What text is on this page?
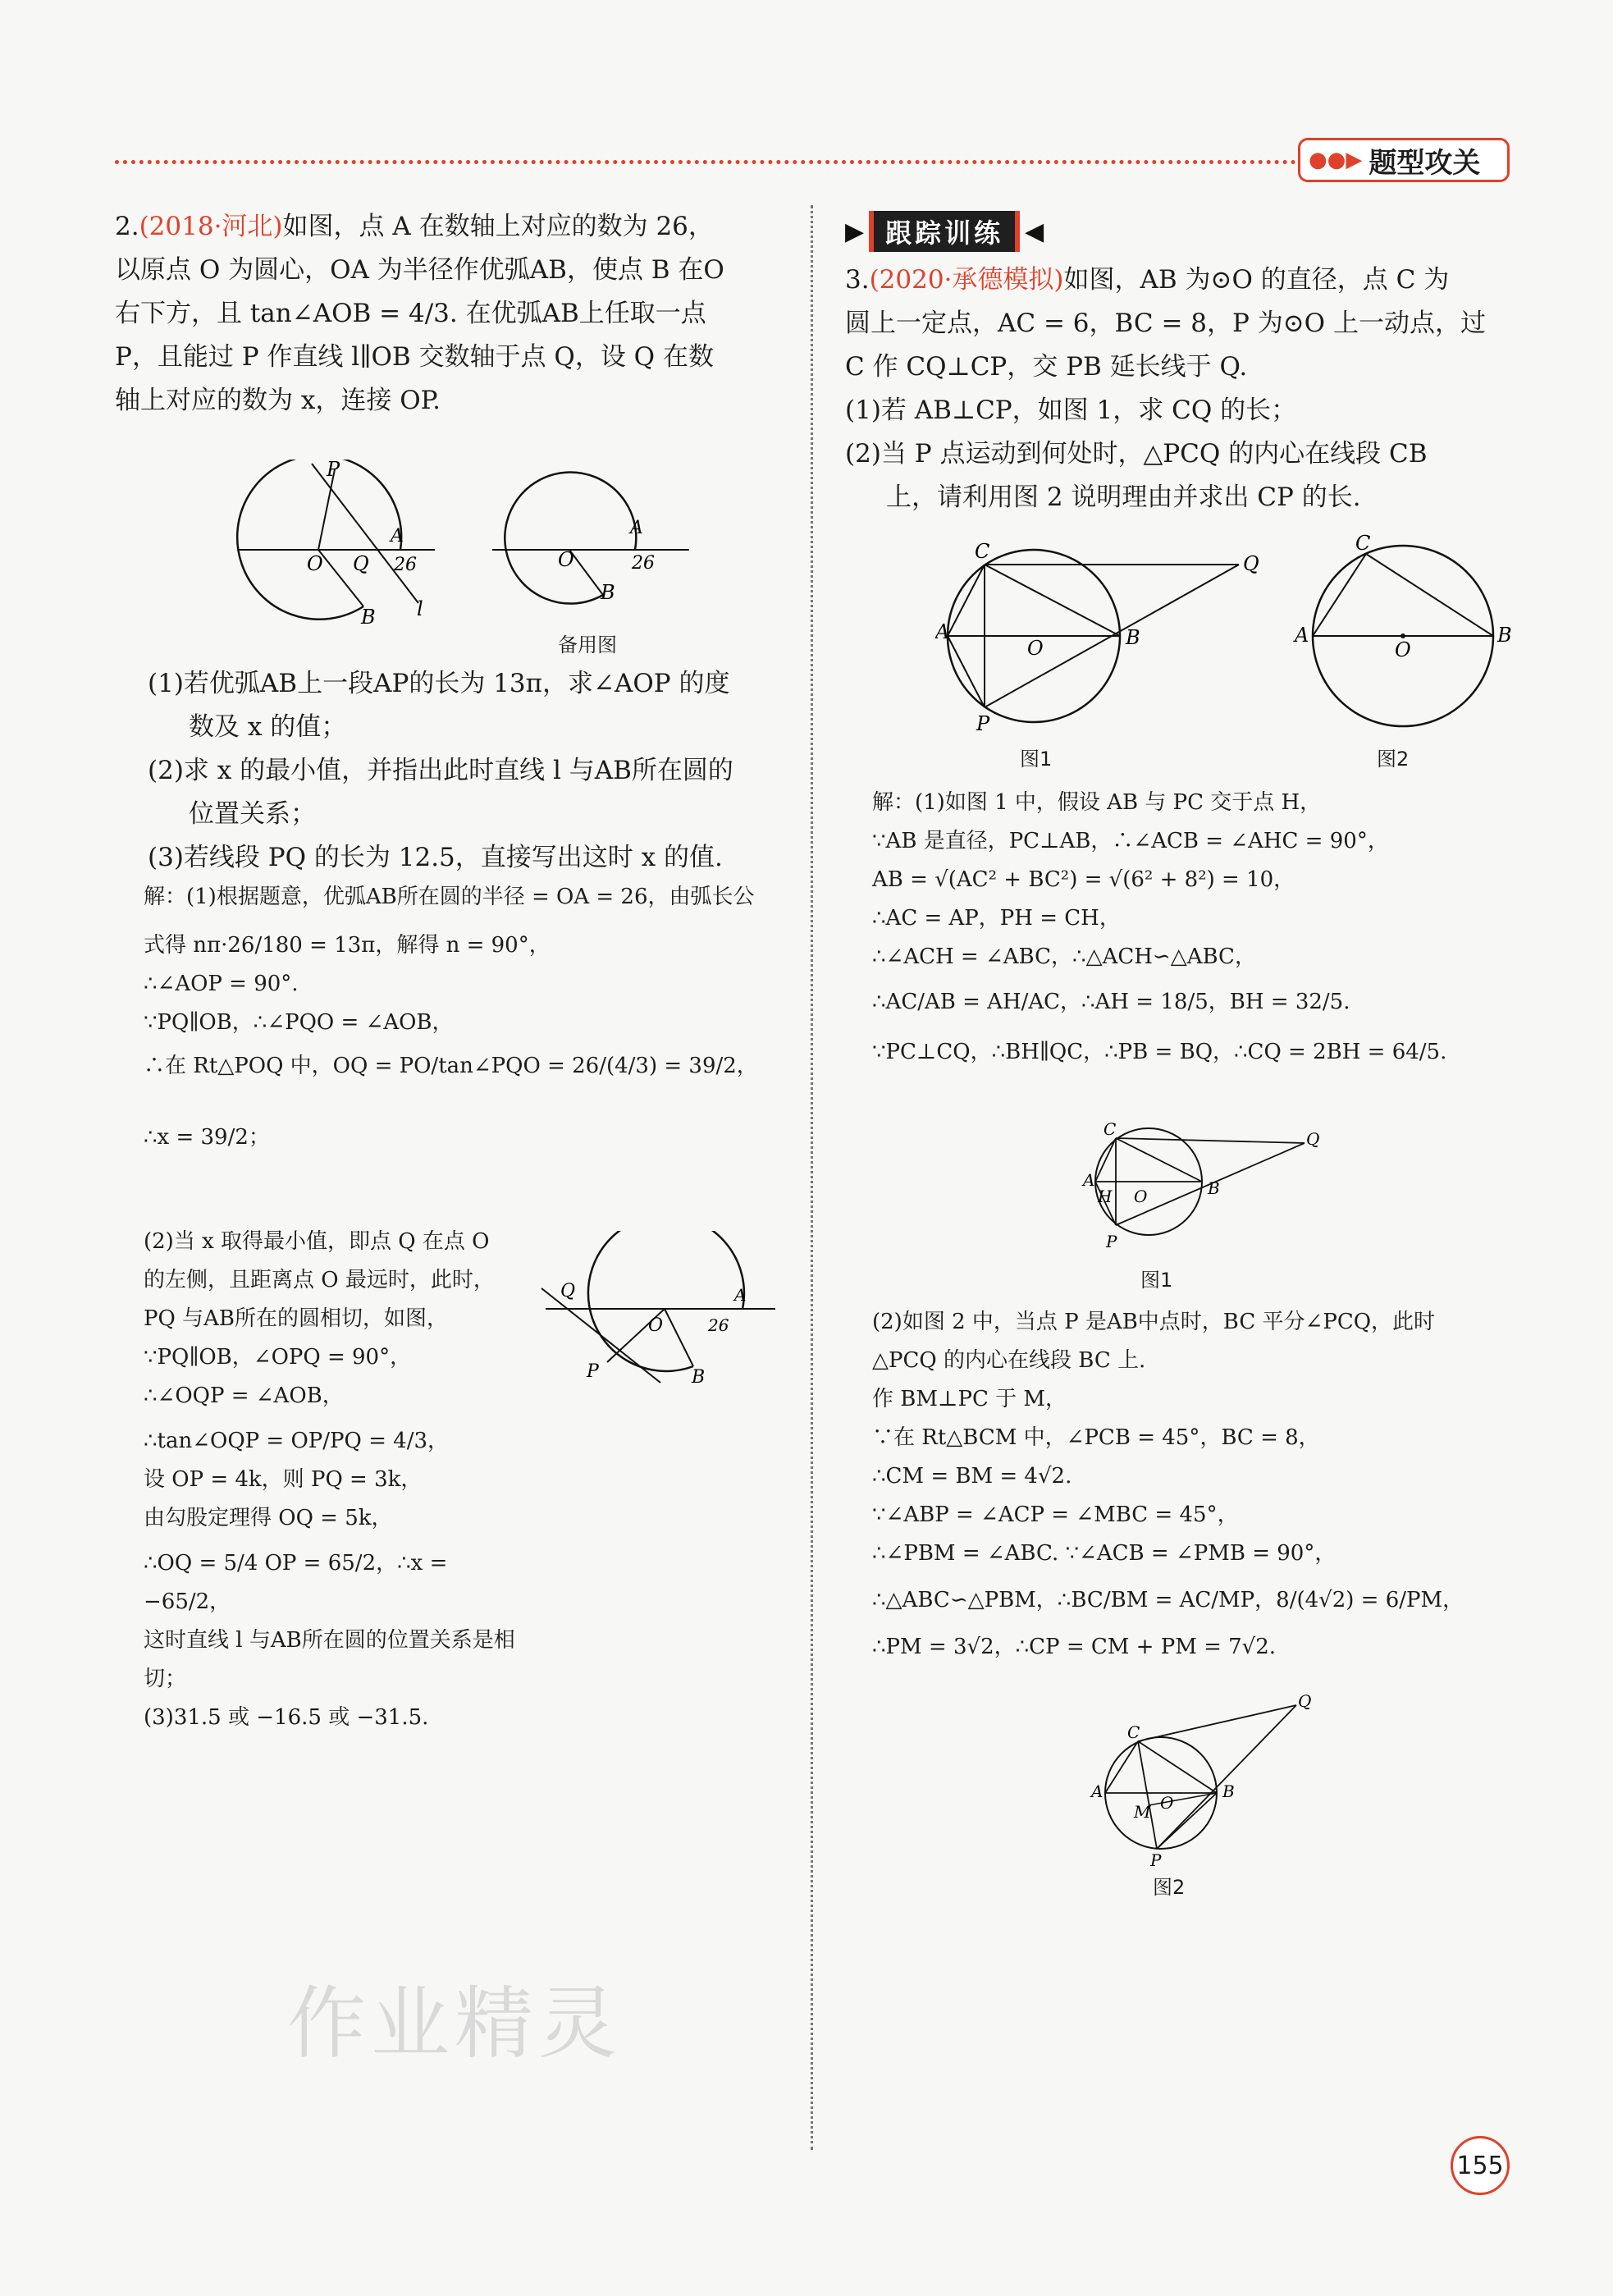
●●▶ 题型攻关
2.(2018·河北)如图，点 A 在数轴上对应的数为 26，
以原点 O 为圆心，OA 为半径作优弧AB，使点 B 在O
右下方，且 tan∠AOB = 4/3. 在优弧AB上任取一点
P，且能过 P 作直线 l∥OB 交数轴于点 Q，设 Q 在数
轴上对应的数为 x，连接 OP.
P
O Q
A
26
B l
O
A
26
B
备用图
(1)若优弧AB上一段AP的长为 13π，求∠AOP 的度
数及 x 的值；
(2)求 x 的最小值，并指出此时直线 l 与AB所在圆的
位置关系；
(3)若线段 PQ 的长为 12.5，直接写出这时 x 的值.
解：(1)根据题意，优弧AB所在圆的半径 = OA = 26，由弧长公
式得 nπ·26/180 = 13π，解得 n = 90°，
∴∠AOP = 90°.
∵PQ∥OB，∴∠PQO = ∠AOB，
∴在 Rt△POQ 中，OQ = PO/tan∠PQO = 26/(4/3) = 39/2，
∴x = 39/2；
(2)当 x 取得最小值，即点 Q 在点 O
的左侧，且距离点 O 最远时，此时，
PQ 与AB所在的圆相切，如图，
∵PQ∥OB，∠OPQ = 90°，
∴∠OQP = ∠AOB，
∴tan∠OQP = OP/PQ = 4/3，
设 OP = 4k，则 PQ = 3k，
由勾股定理得 OQ = 5k，
∴OQ = 5/4 OP = 65/2，∴x = −65/2，
这时直线 l 与AB所在圆的位置关系是相切；
(3)31.5 或 −16.5 或 −31.5.
Q
O
A
26
P	B
作业精灵
▶ 跟踪训练 ◀
3.(2020·承德模拟)如图，AB 为⊙O 的直径，点 C 为
圆上一定点，AC = 6，BC = 8，P 为⊙O 上一动点，过
C 作 CQ⊥CP，交 PB 延长线于 Q.
(1)若 AB⊥CP，如图 1，求 CQ 的长；
(2)当 P 点运动到何处时，△PCQ 的内心在线段 CB
上，请利用图 2 说明理由并求出 CP 的长.
C
A
O	B
Q
P
C
A
O
B
图1	图2
解：(1)如图 1 中，假设 AB 与 PC 交于点 H，
∵AB 是直径，PC⊥AB，∴∠ACB = ∠AHC = 90°，
AB = √(AC² + BC²) = √(6² + 8²) = 10，
∴AC = AP，PH = CH，
∴∠ACH = ∠ABC，∴△ACH∽△ABC，
∴AC/AB = AH/AC，∴AH = 18/5，BH = 32/5.
∵PC⊥CQ，∴BH∥QC，∴PB = BQ，∴CQ = 2BH = 64/5.
C
A
H O	B
Q
P
图1
(2)如图 2 中，当点 P 是AB中点时，BC 平分∠PCQ，此时
△PCQ 的内心在线段 BC 上.
作 BM⊥PC 于 M，
∵在 Rt△BCM 中，∠PCB = 45°，BC = 8，
∴CM = BM = 4√2.
∵∠ABP = ∠ACP = ∠MBC = 45°，
∴∠PBM = ∠ABC. ∵∠ACB = ∠PMB = 90°，
∴△ABC∽△PBM，∴BC/BM = AC/MP，8/(4√2) = 6/PM，
∴PM = 3√2，∴CP = CM + PM = 7√2.
C
A
M O
B
Q
P
图2
155
